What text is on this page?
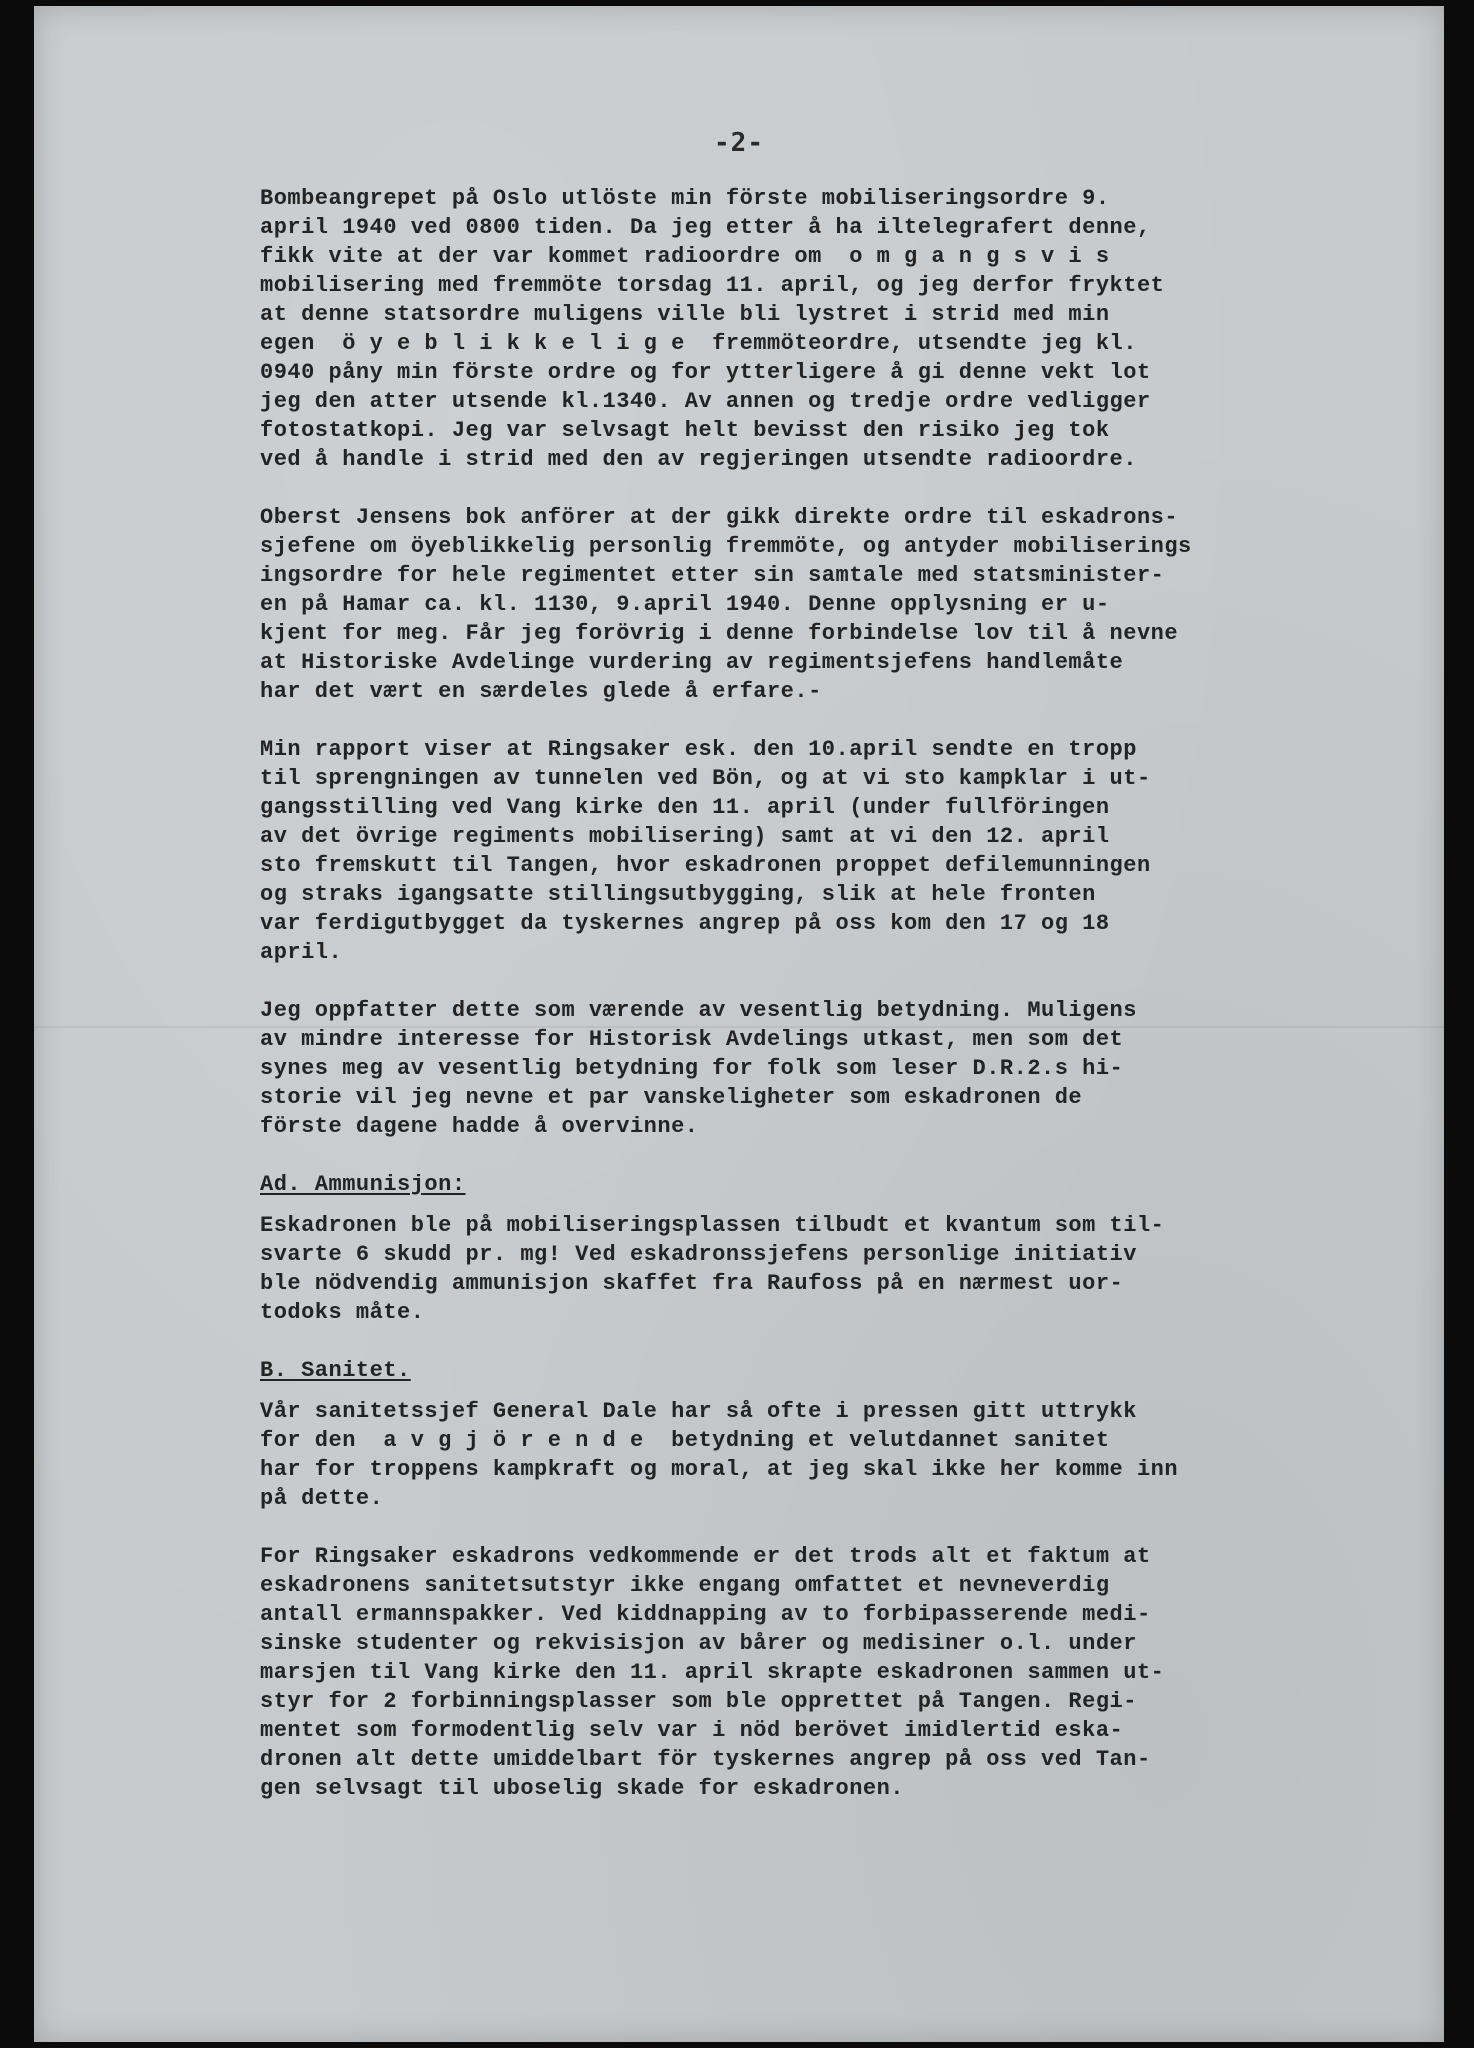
-2-
Bombeangrepet på Oslo utlöste min förste mobiliseringsordre 9.
april 1940 ved 0800 tiden. Da jeg etter å ha iltelegrafert denne,
fikk vite at der var kommet radioordre om  o m g a n g s v i s
mobilisering med fremmöte torsdag 11. april, og jeg derfor fryktet
at denne statsordre muligens ville bli lystret i strid med min
egen  ö y e b l i k k e l i g e  fremmöteordre, utsendte jeg kl.
0940 påny min förste ordre og for ytterligere å gi denne vekt lot
jeg den atter utsende kl.1340. Av annen og tredje ordre vedligger
fotostatkopi. Jeg var selvsagt helt bevisst den risiko jeg tok
ved å handle i strid med den av regjeringen utsendte radioordre.
Oberst Jensens bok anförer at der gikk direkte ordre til eskadrons-
sjefene om öyeblikkelig personlig fremmöte, og antyder mobiliserings
ingsordre for hele regimentet etter sin samtale med statsminister-
en på Hamar ca. kl. 1130, 9.april 1940. Denne opplysning er u-
kjent for meg. Får jeg forövrig i denne forbindelse lov til å nevne
at Historiske Avdelinge vurdering av regimentsjefens handlemåte
har det vært en særdeles glede å erfare.-
Min rapport viser at Ringsaker esk. den 10.april sendte en tropp
til sprengningen av tunnelen ved Bön, og at vi sto kampklar i ut-
gangsstilling ved Vang kirke den 11. april (under fullföringen
av det övrige regiments mobilisering) samt at vi den 12. april
sto fremskutt til Tangen, hvor eskadronen proppet defilemunningen
og straks igangsatte stillingsutbygging, slik at hele fronten
var ferdigutbygget da tyskernes angrep på oss kom den 17 og 18
april.
Jeg oppfatter dette som værende av vesentlig betydning. Muligens
av mindre interesse for Historisk Avdelings utkast, men som det
synes meg av vesentlig betydning for folk som leser D.R.2.s hi-
storie vil jeg nevne et par vanskeligheter som eskadronen de
förste dagene hadde å overvinne.
Ad. Ammunisjon:
Eskadronen ble på mobiliseringsplassen tilbudt et kvantum som til-
svarte 6 skudd pr. mg! Ved eskadronssjefens personlige initiativ
ble nödvendig ammunisjon skaffet fra Raufoss på en nærmest uor-
todoks måte.
B. Sanitet.
Vår sanitetssjef General Dale har så ofte i pressen gitt uttrykk
for den  a v g j ö r e n d e  betydning et velutdannet sanitet
har for troppens kampkraft og moral, at jeg skal ikke her komme inn
på dette.
For Ringsaker eskadrons vedkommende er det trods alt et faktum at
eskadronens sanitetsutstyr ikke engang omfattet et nevneverdig
antall ermannspakker. Ved kiddnapping av to forbipasserende medi-
sinske studenter og rekvisisjon av bårer og medisiner o.l. under
marsjen til Vang kirke den 11. april skrapte eskadronen sammen ut-
styr for 2 forbinningsplasser som ble opprettet på Tangen. Regi-
mentet som formodentlig selv var i nöd berövet imidlertid eska-
dronen alt dette umiddelbart för tyskernes angrep på oss ved Tan-
gen selvsagt til uboselig skade for eskadronen.
